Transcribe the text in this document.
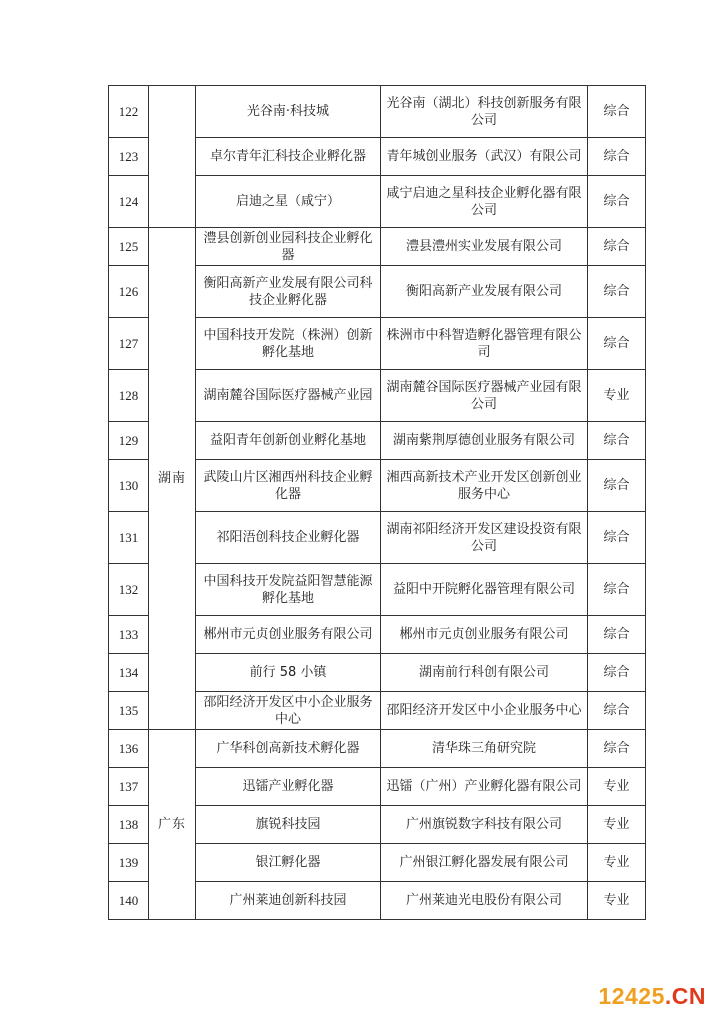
122		光谷南·科技城	光谷南（湖北）科技创新服务有限公司	综合
123		卓尔青年汇科技企业孵化器	青年城创业服务（武汉）有限公司	综合
124		启迪之星（咸宁）	咸宁启迪之星科技企业孵化器有限公司	综合
125	湖南	澧县创新创业园科技企业孵化器	澧县澧州实业发展有限公司	综合
126		衡阳高新产业发展有限公司科技企业孵化器	衡阳高新产业发展有限公司	综合
127		中国科技开发院（株洲）创新孵化基地	株洲市中科智造孵化器管理有限公司	综合
128		湖南麓谷国际医疗器械产业园	湖南麓谷国际医疗器械产业园有限公司	专业
129		益阳青年创新创业孵化基地	湖南紫荆厚德创业服务有限公司	综合
130		武陵山片区湘西州科技企业孵化器	湘西高新技术产业开发区创新创业服务中心	综合
131		祁阳浯创科技企业孵化器	湖南祁阳经济开发区建设投资有限公司	综合
132		中国科技开发院益阳智慧能源孵化基地	益阳中开院孵化器管理有限公司	综合
133		郴州市元贞创业服务有限公司	郴州市元贞创业服务有限公司	综合
134		前行 58 小镇	湖南前行科创有限公司	综合
135		邵阳经济开发区中小企业服务中心	邵阳经济开发区中小企业服务中心	综合
136	广东	广华科创高新技术孵化器	清华珠三角研究院	综合
137		迅镭产业孵化器	迅镭（广州）产业孵化器有限公司	专业
138		旗锐科技园	广州旗锐数字科技有限公司	专业
139		银江孵化器	广州银江孵化器发展有限公司	专业
140		广州莱迪创新科技园	广州莱迪光电股份有限公司	专业
12425.CN
